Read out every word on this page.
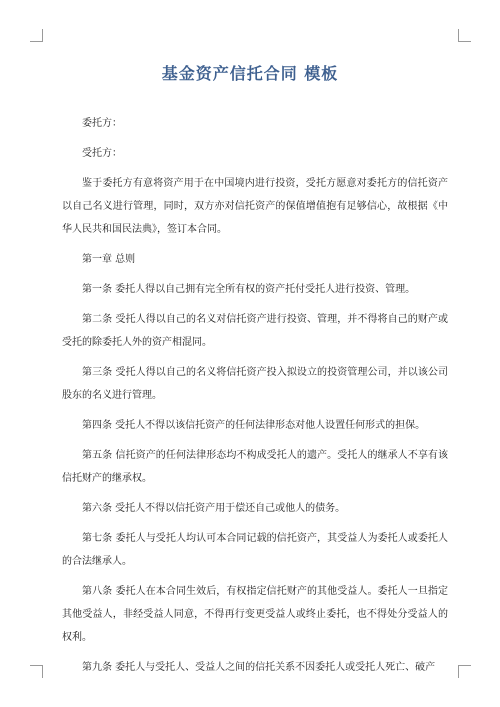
基金资产信托合同 模板

委托方：

受托方：

鉴于委托方有意将资产用于在中国境内进行投资，受托方愿意对委托方的信托资产以自己名义进行管理，同时，双方亦对信托资产的保值增值抱有足够信心，故根据《中华人民共和国民法典》，签订本合同。

第一章 总则

第一条 委托人得以自己拥有完全所有权的资产托付受托人进行投资、管理。

第二条 受托人得以自己的名义对信托资产进行投资、管理，并不得将自己的财产或受托的除委托人外的资产相混同。

第三条 受托人得以自己的名义将信托资产投入拟设立的投资管理公司，并以该公司股东的名义进行管理。

第四条 受托人不得以该信托资产的任何法律形态对他人设置任何形式的担保。

第五条 信托资产的任何法律形态均不构成受托人的遗产。受托人的继承人不享有该信托财产的继承权。

第六条 受托人不得以信托资产用于偿还自己或他人的债务。

第七条 委托人与受托人均认可本合同记载的信托资产，其受益人为委托人或委托人的合法继承人。

第八条 委托人在本合同生效后，有权指定信托财产的其他受益人。委托人一旦指定其他受益人，非经受益人同意，不得再行变更受益人或终止委托，也不得处分受益人的权利。

第九条 委托人与受托人、受益人之间的信托关系不因委托人或受托人死亡、破产
